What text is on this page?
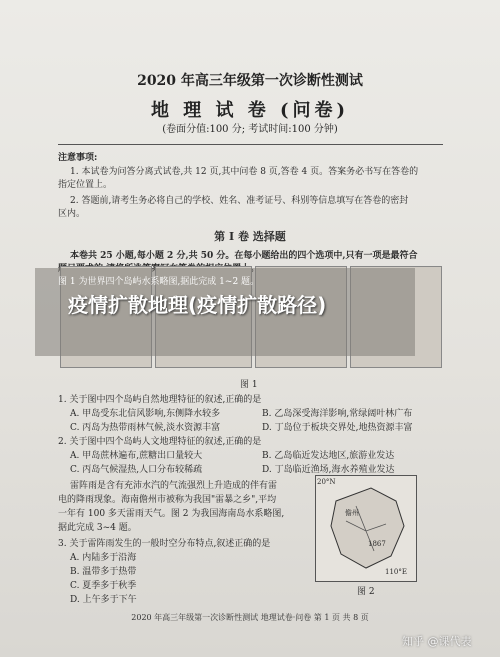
2020 年高三年级第一次诊断性测试
地 理 试 卷 (问卷)
(卷面分值:100 分; 考试时间:100 分钟)
注意事项:
1. 本试卷为问答分离式试卷,共 12 页,其中问卷 8 页,答卷 4 页。答案务必书写在答卷的
指定位置上。
2. 答题前,请考生务必将自己的学校、姓名、准考证号、科别等信息填写在答卷的密封
区内。
第 I 卷 选择题
本卷共 25 小题,每小题 2 分,共 50 分。在每小题给出的四个选项中,只有一项是最符合
疫情扩散地理(疫情扩散路径)
图 1 为世界四个岛屿水系略图,据此完成 1~2 题。
图 1
1. 关于图中四个岛屿自然地理特征的叙述,正确的是
A. 甲岛受东北信风影响,东侧降水较多	B. 乙岛深受海洋影响,常绿阔叶林广布
C. 丙岛为热带雨林气候,淡水资源丰富	D. 丁岛位于板块交界处,地热资源丰富
2. 关于图中四个岛屿人文地理特征的叙述,正确的是
A. 甲岛蔗林遍布,蔗糖出口量较大	B. 乙岛临近发达地区,旅游业发达
C. 丙岛气候湿热,人口分布较稀疏	D. 丁岛临近渔场,海水养殖业发达
雷阵雨是含有充沛水汽的气流强烈上升造成的伴有雷
电的降雨现象。海南儋州市被称为我国"雷暴之乡",平均
一年有 100 多天雷雨天气。图 2 为我国海南岛水系略图,
据此完成 3~4 题。
3. 关于雷阵雨发生的一般时空分布特点,叙述正确的是
A. 内陆多于沿海
B. 温带多于热带
C. 夏季多于秋季
D. 上午多于下午
20°N
110°E
儋州
1867
图 2
2020 年高三年级第一次诊断性测试 地理试卷·问卷 第 1 页 共 8 页
知乎 @课代表
